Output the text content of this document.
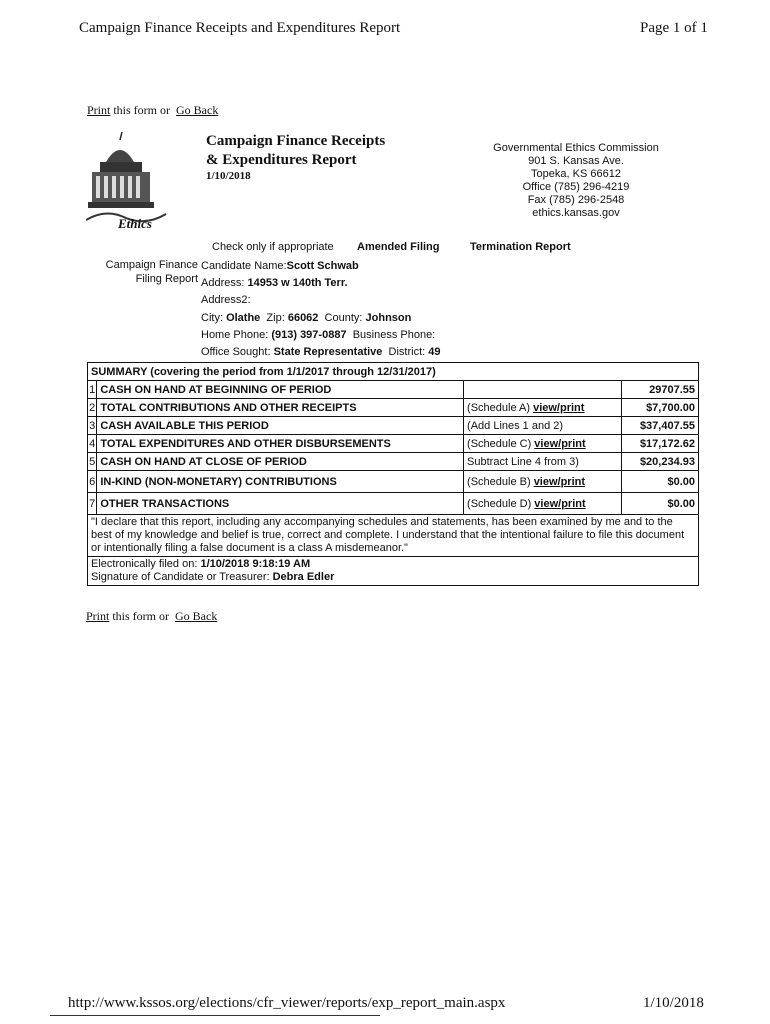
Campaign Finance Receipts and Expenditures Report	Page 1 of 1
Print this form or Go Back
Ethics
Campaign Finance Receipts
& Expenditures Report
1/10/2018
Governmental Ethics Commission
901 S. Kansas Ave.
Topeka, KS 66612
Office (785) 296-4219
Fax (785) 296-2548
ethics.kansas.gov
Check only if appropriate Amended Filing	Termination Report
Campaign Finance
Filing Report
Candidate Name:Scott Schwab
Address: 14953 w 140th Terr.
Address2:
City: Olathe Zip: 66062 County: Johnson
Home Phone: (913) 397-0887 Business Phone:
Office Sought: State Representative District: 49
SUMMARY (covering the period from 1/1/2017 through 12/31/2017)			
1	CASH ON HAND AT BEGINNING OF PERIOD		29707.55
2	TOTAL CONTRIBUTIONS AND OTHER RECEIPTS	(Schedule A) view/print	$7,700.00
3	CASH AVAILABLE THIS PERIOD	(Add Lines 1 and 2)	$37,407.55
4	TOTAL EXPENDITURES AND OTHER DISBURSEMENTS	(Schedule C) view/print	$17,172.62
5	CASH ON HAND AT CLOSE OF PERIOD	Subtract Line 4 from 3)	$20,234.93
6	IN-KIND (NON-MONETARY) CONTRIBUTIONS	(Schedule B) view/print	$0.00
7	OTHER TRANSACTIONS	(Schedule D) view/print	$0.00
"I declare that this report, including any accompanying schedules and statements, has been examined by me and to the best of my knowledge and belief is true, correct and complete. I understand that the intentional failure to file this document or intentionally filing a false document is a class A misdemeanor."			

Electronically filed on: 1/10/2018 9:18:19 AM
Signature of Candidate or Treasurer: Debra Edler			
Print this form or Go Back
http://www.kssos.org/elections/cfr_viewer/reports/exp_report_main.aspx	1/10/2018
